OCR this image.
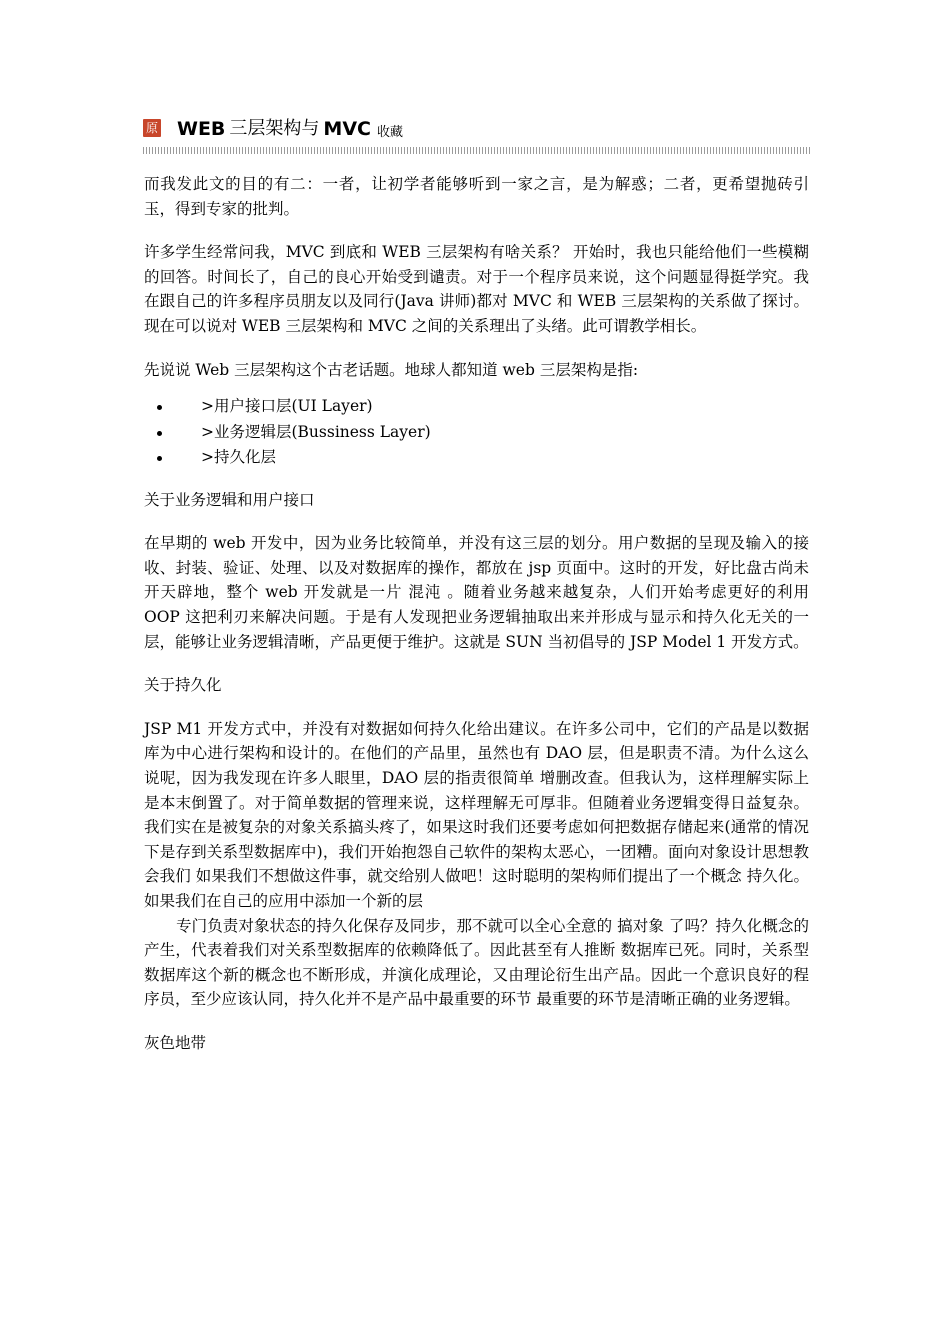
原 WEB 三层架构与 MVC 收藏

而我发此文的目的有二：一者，让初学者能够听到一家之言，是为解惑；二者，更希望抛砖引玉，得到专家的批判。

许多学生经常问我，MVC 到底和 WEB 三层架构有啥关系？ 开始时，我也只能给他们一些模糊的回答。时间长了，自己的良心开始受到谴责。对于一个程序员来说，这个问题显得挺学究。我在跟自己的许多程序员朋友以及同行(Java 讲师)都对 MVC 和 WEB 三层架构的关系做了探讨。现在可以说对 WEB 三层架构和 MVC 之间的关系理出了头绪。此可谓教学相长。

先说说 Web 三层架构这个古老话题。地球人都知道 web 三层架构是指:

>用户接口层(UI Layer)
>业务逻辑层(Bussiness Layer)
>持久化层

关于业务逻辑和用户接口

在早期的 web 开发中，因为业务比较简单，并没有这三层的划分。用户数据的呈现及输入的接收、封装、验证、处理、以及对数据库的操作，都放在 jsp 页面中。这时的开发，好比盘古尚未开天辟地，整个 web 开发就是一片 混沌 。随着业务越来越复杂，人们开始考虑更好的利用 OOP 这把利刃来解决问题。于是有人发现把业务逻辑抽取出来并形成与显示和持久化无关的一层，能够让业务逻辑清晰，产品更便于维护。这就是 SUN 当初倡导的 JSP Model 1 开发方式。

关于持久化

JSP M1 开发方式中，并没有对数据如何持久化给出建议。在许多公司中，它们的产品是以数据库为中心进行架构和设计的。在他们的产品里，虽然也有 DAO 层，但是职责不清。为什么这么说呢，因为我发现在许多人眼里，DAO 层的指责很简单 增删改查。但我认为，这样理解实际上是本末倒置了。对于简单数据的管理来说，这样理解无可厚非。但随着业务逻辑变得日益复杂。我们实在是被复杂的对象关系搞头疼了，如果这时我们还要考虑如何把数据存储起来(通常的情况下是存到关系型数据库中)，我们开始抱怨自己软件的架构太恶心，一团糟。面向对象设计思想教会我们 如果我们不想做这件事，就交给别人做吧！这时聪明的架构师们提出了一个概念 持久化。如果我们在自己的应用中添加一个新的层

专门负责对象状态的持久化保存及同步，那不就可以全心全意的 搞对象 了吗？持久化概念的产生，代表着我们对关系型数据库的依赖降低了。因此甚至有人推断 数据库已死。同时，关系型数据库这个新的概念也不断形成，并演化成理论，又由理论衍生出产品。因此一个意识良好的程序员，至少应该认同，持久化并不是产品中最重要的环节 最重要的环节是清晰正确的业务逻辑。

灰色地带
